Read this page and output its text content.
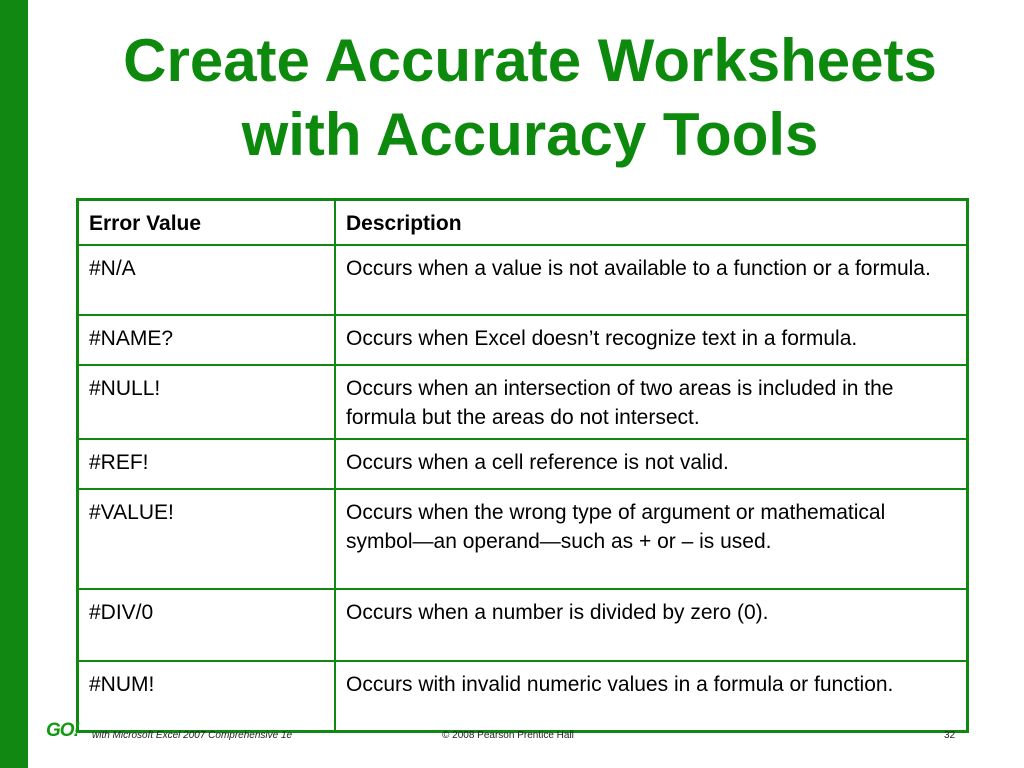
Create Accurate Worksheets
with Accuracy Tools
Error Value	Description
#N/A	Occurs when a value is not available to a function or a formula.
#NAME?	Occurs when Excel doesn’t recognize text in a formula.
#NULL!	Occurs when an intersection of two areas is included in the formula but the areas do not intersect.
#REF!	Occurs when a cell reference is not valid.
#VALUE!	Occurs when the wrong type of argument or mathematical symbol—an operand—such as + or – is used.
#DIV/0	Occurs when a number is divided by zero (0).
#NUM!	Occurs with invalid numeric values in a formula or function.
GO! with Microsoft Excel 2007 Comprehensive 1e	© 2008 Pearson Prentice Hall	32
